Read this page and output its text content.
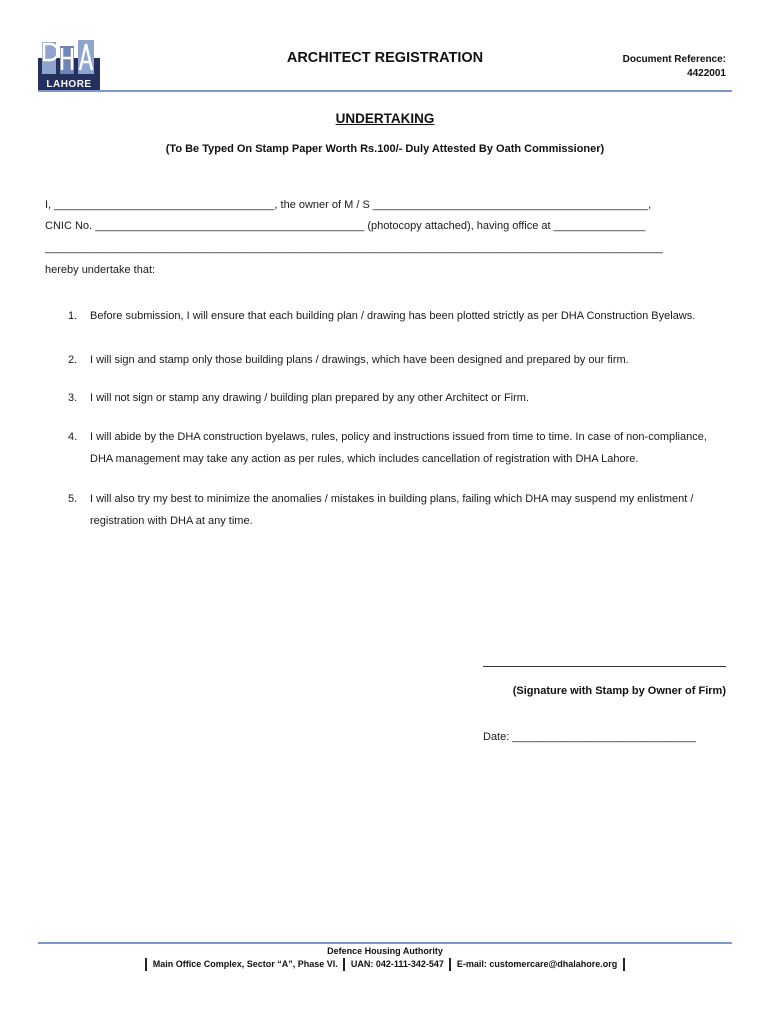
LAHORE
ARCHITECT REGISTRATION	Document Reference:
4422001
UNDERTAKING
(To Be Typed On Stamp Paper Worth Rs.100/- Duly Attested By Oath Commissioner)
I, ____________________________________, the owner of M / S _____________________________________________,
CNIC No. ____________________________________________ (photocopy attached), having office at _______________
_____________________________________________________________________________________________________
hereby undertake that:
1. Before submission, I will ensure that each building plan / drawing has been plotted strictly as per DHA Construction Byelaws.
2. I will sign and stamp only those building plans / drawings, which have been designed and prepared by our firm.
3. I will not sign or stamp any drawing / building plan prepared by any other Architect or Firm.
4. I will abide by the DHA construction byelaws, rules, policy and instructions issued from time to time. In case of non-compliance, DHA management may take any action as per rules, which includes cancellation of registration with DHA Lahore.
5. I will also try my best to minimize the anomalies / mistakes in building plans, failing which DHA may suspend my enlistment / registration with DHA at any time.
(Signature with Stamp by Owner of Firm)
Date: ______________________________
Defence Housing Authority
Main Office Complex, Sector “A”, Phase VI. UAN: 042-111-342-547 E-mail: customercare@dhalahore.org
